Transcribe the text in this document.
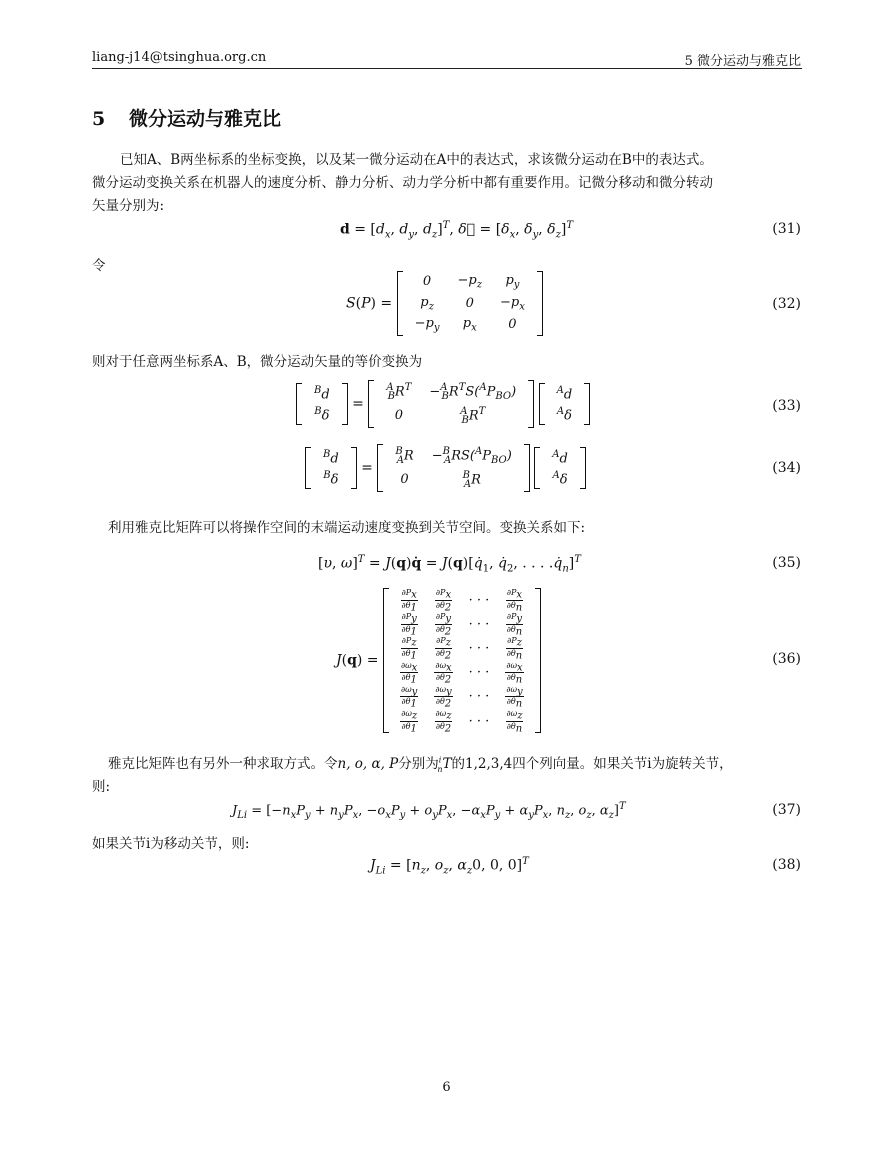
liang-j14@tsinghua.org.cn	5 微分运动与雅克比
5 微分运动与雅克比
已知A、B两坐标系的坐标变换，以及某一微分运动在A中的表达式，求该微分运动在B中的表达式。
微分运动变换关系在机器人的速度分析、静力分析、动力学分析中都有重要作用。记微分移动和微分转动
矢量分别为:
$d = [d_x$, $d_y$, $d_z]^T$, δ⃗ = [$\delta_x$, $\delta_y$, $\delta_z]^T$	(31)
令
S(P) =
0	$-p_z$	$p_y$
$p_z$	0	$-p_x$
$-p_y$	$p_x$	0
(32)
则对于任意两坐标系A、B，微分运动矢量的等价变换为
$^B$d
$^B$δ
=
$^A_BR^T$	$-^A_BR^TS(^AP_{BO})$
0	$^A_BR^T$

$^A$d
$^A$δ
(33)
$^B$d
$^B$δ
=
$^B_A$R	$-^B_ARS(^AP_{BO})$
0	$^B_A$R

$^A$d
$^A$δ
(34)
利用雅克比矩阵可以将操作空间的末端运动速度变换到关节空间。变换关系如下:
[υ, ω]$^T$ = J(q)q̇ = $J(q)[q̇_1$, $q̇_2$, . . . $.q̇_n]^T$	(35)
J(q) =
$\frac{\partial P_x}{\partial\theta_1}$	$\frac{\partial P_x}{\partial\theta_2}$	· · ·	$\frac{\partial P_x}{\partial\theta_n}$

$\frac{\partial P_y}{\partial\theta_1}$	$\frac{\partial P_y}{\partial\theta_2}$	· · ·	$\frac{\partial P_y}{\partial\theta_n}$

$\frac{\partial P_z}{\partial\theta_1}$	$\frac{\partial P_z}{\partial\theta_2}$	· · ·	$\frac{\partial P_z}{\partial\theta_n}$

$\frac{\partial\omega_x}{\partial\theta_1}$	$\frac{\partial\omega_x}{\partial\theta_2}$	· · ·	$\frac{\partial\omega_x}{\partial\theta_n}$

$\frac{\partial\omega_y}{\partial\theta_1}$	$\frac{\partial\omega_y}{\partial\theta_2}$	· · ·	$\frac{\partial\omega_y}{\partial\theta_n}$

$\frac{\partial\omega_z}{\partial\theta_1}$	$\frac{\partial\omega_z}{\partial\theta_2}$	· · ·	$\frac{\partial\omega_z}{\partial\theta_n}$
(36)
雅克比矩阵也有另外一种求取方式。令n, o, α, P分别为$^i_n$T的1,2,3,4四个列向量。如果关节i为旋转关节，
则:
$J_{Li} = [-n_xP_y + n_yP_x$, $-o_xP_y + o_yP_x$, $-\alpha_xP_y + \alpha_yP_x$, $n_z$, $o_z$, $\alpha_z]^T$	(37)
如果关节i为移动关节，则:
$J_{Li} = [n_z$, $o_z$, $\alpha_z0$, 0, 0]$^T$	(38)
6
